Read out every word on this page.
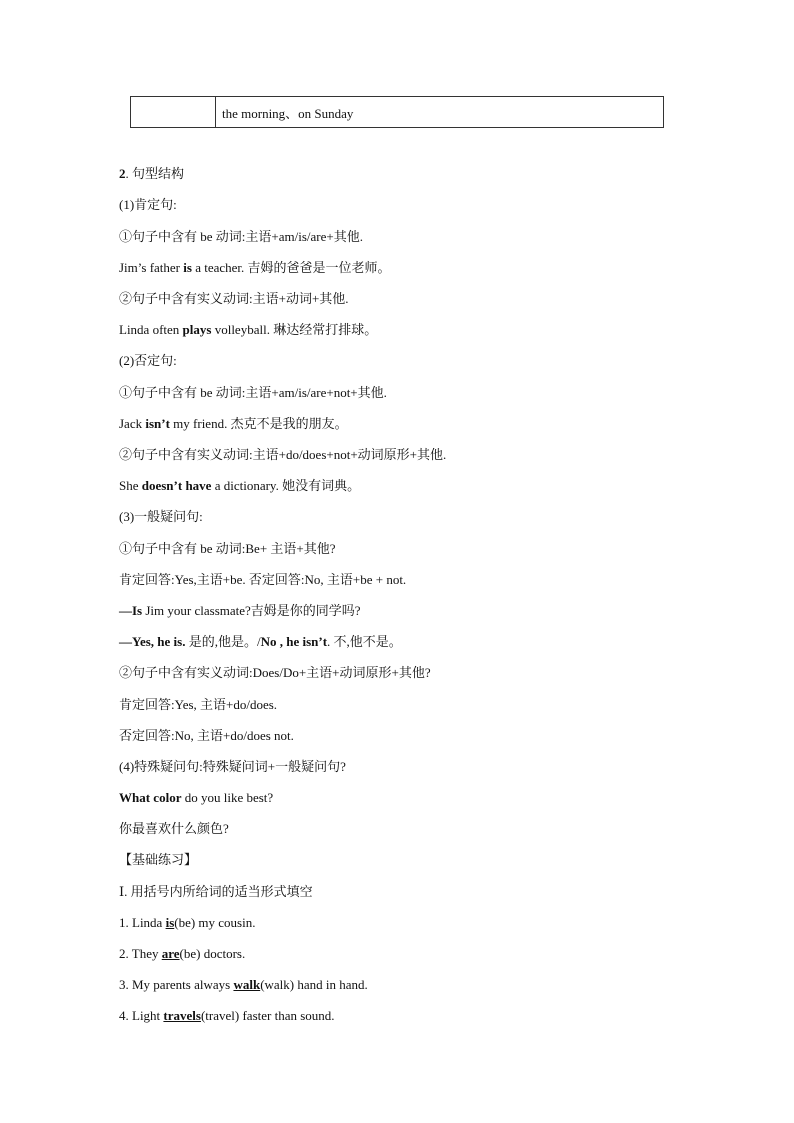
	the morning、on Sunday
2. 句型结构
(1)肯定句:
①句子中含有 be 动词:主语+am/is/are+其他.
Jim’s father is a teacher. 吉姆的爸爸是一位老师。
②句子中含有实义动词:主语+动词+其他.
Linda often plays volleyball. 琳达经常打排球。
(2)否定句:
①句子中含有 be 动词:主语+am/is/are+not+其他.
Jack isn’t my friend. 杰克不是我的朋友。
②句子中含有实义动词:主语+do/does+not+动词原形+其他.
She doesn’t have a dictionary. 她没有词典。
(3)一般疑问句:
①句子中含有 be 动词:Be+ 主语+其他?
肯定回答:Yes,主语+be. 否定回答:No, 主语+be + not.
—Is Jim your classmate?吉姆是你的同学吗?
—Yes, he is. 是的,他是。/No , he isn’t. 不,他不是。
②句子中含有实义动词:Does/Do+主语+动词原形+其他?
肯定回答:Yes, 主语+do/does.
否定回答:No, 主语+do/does not.
(4)特殊疑问句:特殊疑问词+一般疑问句?
What color do you like best?
你最喜欢什么颜色?
【基础练习】
Ⅰ. 用括号内所给词的适当形式填空
1. Linda is(be) my cousin.
2. They are(be) doctors.
3. My parents always walk(walk) hand in hand.
4. Light travels(travel) faster than sound.
